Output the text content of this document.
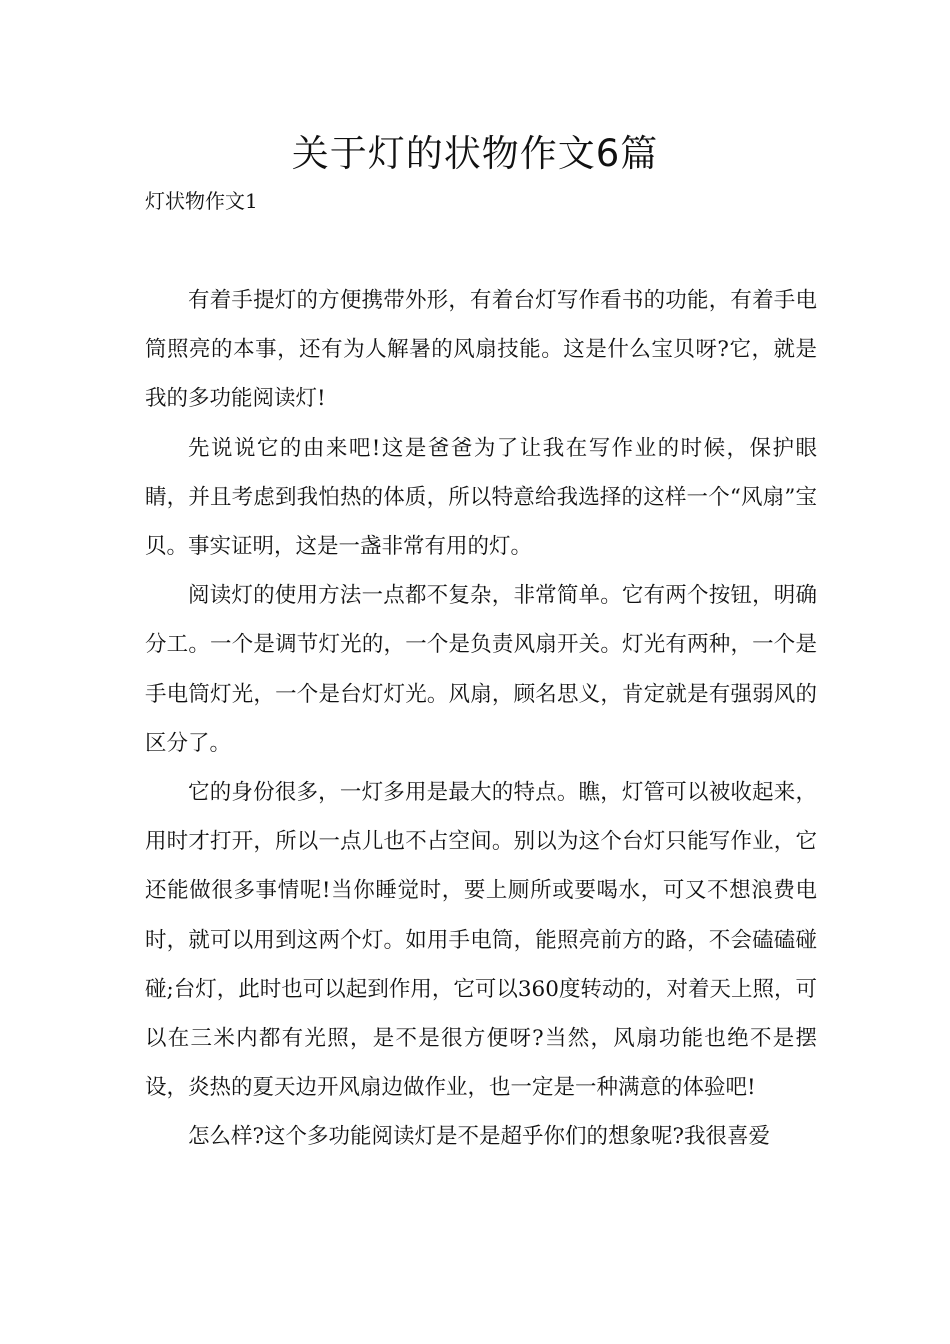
关于灯的状物作文6篇
灯状物作文1

有着手提灯的方便携带外形，有着台灯写作看书的功能，有着手电筒照亮的本事，还有为人解暑的风扇技能。这是什么宝贝呀?它，就是我的多功能阅读灯!

先说说它的由来吧!这是爸爸为了让我在写作业的时候，保护眼睛，并且考虑到我怕热的体质，所以特意给我选择的这样一个“风扇”宝贝。事实证明，这是一盏非常有用的灯。

阅读灯的使用方法一点都不复杂，非常简单。它有两个按钮，明确分工。一个是调节灯光的，一个是负责风扇开关。灯光有两种，一个是手电筒灯光，一个是台灯灯光。风扇，顾名思义，肯定就是有强弱风的区分了。

它的身份很多，一灯多用是最大的特点。瞧，灯管可以被收起来，用时才打开，所以一点儿也不占空间。别以为这个台灯只能写作业，它还能做很多事情呢!当你睡觉时，要上厕所或要喝水，可又不想浪费电时，就可以用到这两个灯。如用手电筒，能照亮前方的路，不会磕磕碰碰;台灯，此时也可以起到作用，它可以360度转动的，对着天上照，可以在三米内都有光照，是不是很方便呀?当然，风扇功能也绝不是摆设，炎热的夏天边开风扇边做作业，也一定是一种满意的体验吧!

怎么样?这个多功能阅读灯是不是超乎你们的想象呢?我很喜爱
